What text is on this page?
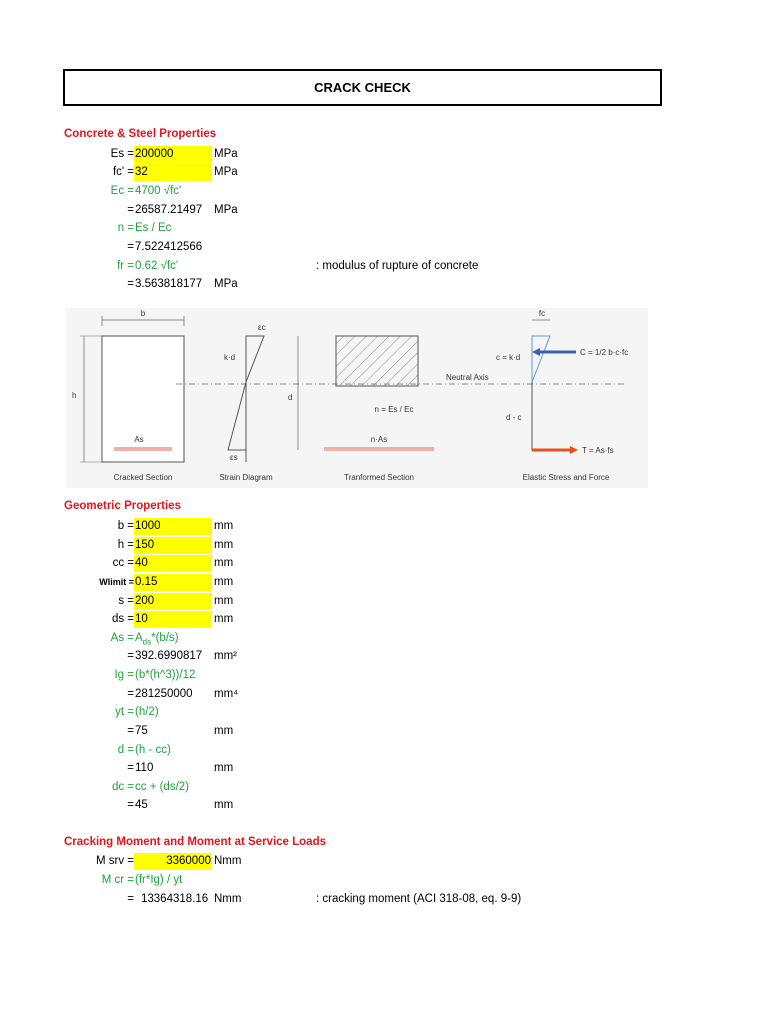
CRACK CHECK
Concrete & Steel Properties
Es = 200000	MPa
fc' = 32	MPa
Ec = 4700 √fc'
= 26587.21497 MPa
n = Es / Ec
= 7.522412566
fr = 0.62 √fc'	: modulus of rupture of concrete
= 3.563818177 MPa
b
h
As
Cracked Section
εc
k·d
εs
d
Strain Diagram
n·As
n = Es / Ec
Tranformed Section
Neutral Axis
fc
c = k·d
d - c
C = 1/2 b·c·fc
T = As·fs
Elastic Stress and Force
Geometric Properties
b = 1000	mm
h = 150	mm
cc = 40	mm
Wlimit = 0.15	mm
s = 200	mm
ds = 10	mm
$As = A_{ds}*(b/s)$
= 392.6990817 mm²
Ig = (b*(h^3))/12
= 281250000 mm⁴
yt = (h/2)
= 75	mm
d = (h - cc)
= 110	mm
dc = cc + (ds/2)
= 45	mm
Cracking Moment and Moment at Service Loads
M srv =	3360000 Nmm
M cr = (fr*Ig) / yt
= 13364318.16 Nmm	: cracking moment (ACI 318-08, eq. 9-9)
